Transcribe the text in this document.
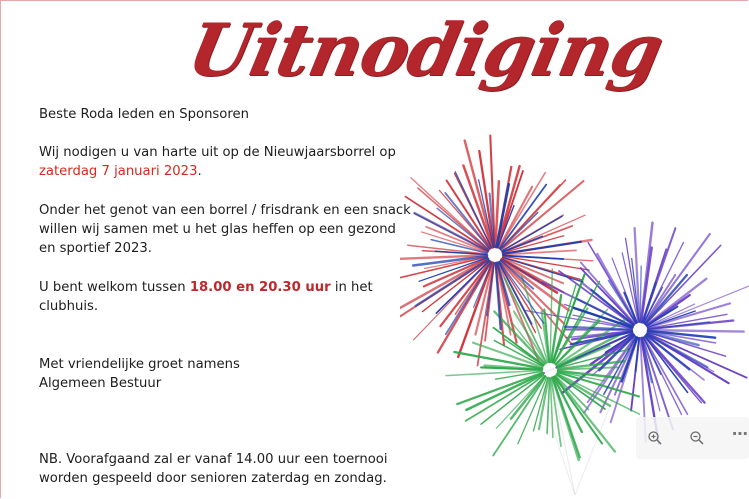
Uitnodiging
Beste Roda leden en Sponsoren
Wij nodigen u van harte uit op de Nieuwjaarsborrel op
zaterdag 7 januari 2023.
Onder het genot van een borrel / frisdrank en een snack
willen wij samen met u het glas heffen op een gezond
en sportief 2023.
U bent welkom tussen 18.00 en 20.30 uur in het
clubhuis.
Met vriendelijke groet namens
Algemeen Bestuur
NB. Voorafgaand zal er vanaf 14.00 uur een toernooi
worden gespeeld door senioren zaterdag en zondag.
⋯
